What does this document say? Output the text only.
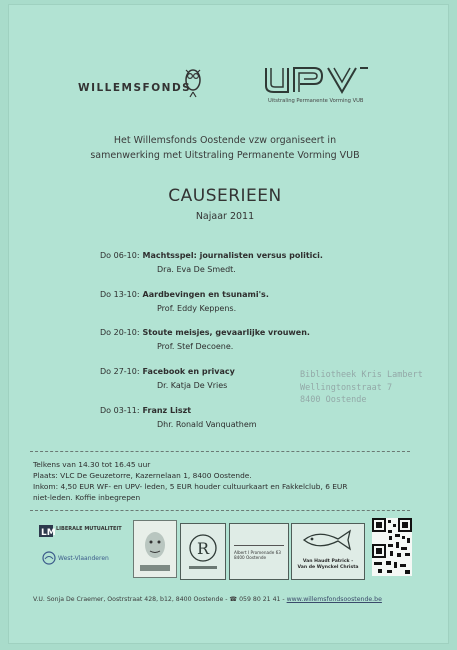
WILLEMSFONDS
Uitstraling Permanente Vorming VUB
Het Willemsfonds Oostende vzw organiseert in
samenwerking met Uitstraling Permanente Vorming VUB
CAUSERIEEN
Najaar 2011
Do 06-10: Machtsspel: journalisten versus politici.
Dra. Eva De Smedt.
Do 13-10: Aardbevingen en tsunami's.
Prof. Eddy Keppens.
Do 20-10: Stoute meisjes, gevaarlijke vrouwen.
Prof. Stef Decoene.
Do 27-10: Facebook en privacy
Dr. Katja De Vries
Do 03-11: Franz Liszt
Dhr. Ronald Vanquathem
Bibliotheek Kris Lambert
Wellingtonstraat 7
8400 Oostende
Telkens van 14.30 tot 16.45 uur
Plaats: VLC De Geuzetorre, Kazernelaan 1, 8400 Oostende.
Inkom: 4,50 EUR WF- en UPV- leden, 5 EUR houder cultuurkaart en Fakkelclub, 6 EUR
niet-leden. Koffie inbegrepen
LM LIBERALE MUTUALITEIT
West-Vlaanderen
R	Albert I Promenade 63
8400 Oostende
Van Haudt Patrick -
Van de Wynckel Christa
V.U. Sonja De Craemer, Oostrstraat 428, b12, 8400 Oostende - ☎ 059 80 21 41 - www.willemsfondsoostende.be
